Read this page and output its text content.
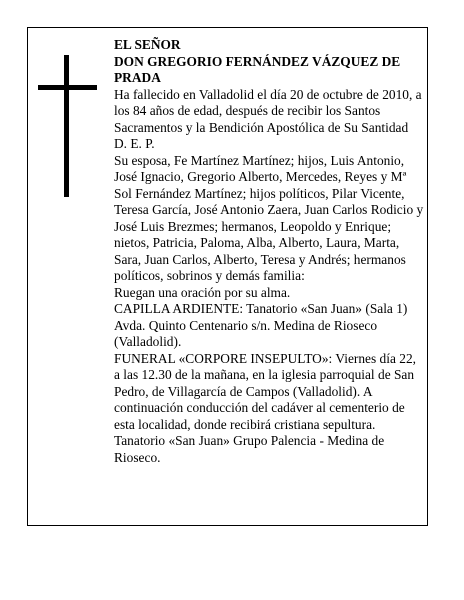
EL SEÑOR

DON GREGORIO FERNÁNDEZ VÁZQUEZ DE PRADA

Ha fallecido en Valladolid el día 20 de octubre de 2010, a los 84 años de edad, después de recibir los Santos Sacramentos y la Bendición Apostólica de Su Santidad D. E. P.

Su esposa, Fe Martínez Martínez; hijos, Luis Antonio, José Ignacio, Gregorio Alberto, Mercedes, Reyes y Mª Sol Fernández Martínez; hijos políticos, Pilar Vicente, Teresa García, José Antonio Zaera, Juan Carlos Rodicio y José Luis Brezmes; hermanos, Leopoldo y Enrique; nietos, Patricia, Paloma, Alba, Alberto, Laura, Marta, Sara, Juan Carlos, Alberto, Teresa y Andrés; hermanos políticos, sobrinos y demás familia:

Ruegan una oración por su alma.

CAPILLA ARDIENTE: Tanatorio «San Juan» (Sala 1) Avda. Quinto Centenario s/n. Medina de Rioseco (Valladolid).

FUNERAL «CORPORE INSEPULTO»: Viernes día 22, a las 12.30 de la mañana, en la iglesia parroquial de San Pedro, de Villagarcía de Campos (Valladolid). A continuación conducción del cadáver al cementerio de esta localidad, donde recibirá cristiana sepultura.

Tanatorio «San Juan» Grupo Palencia - Medina de Rioseco.
